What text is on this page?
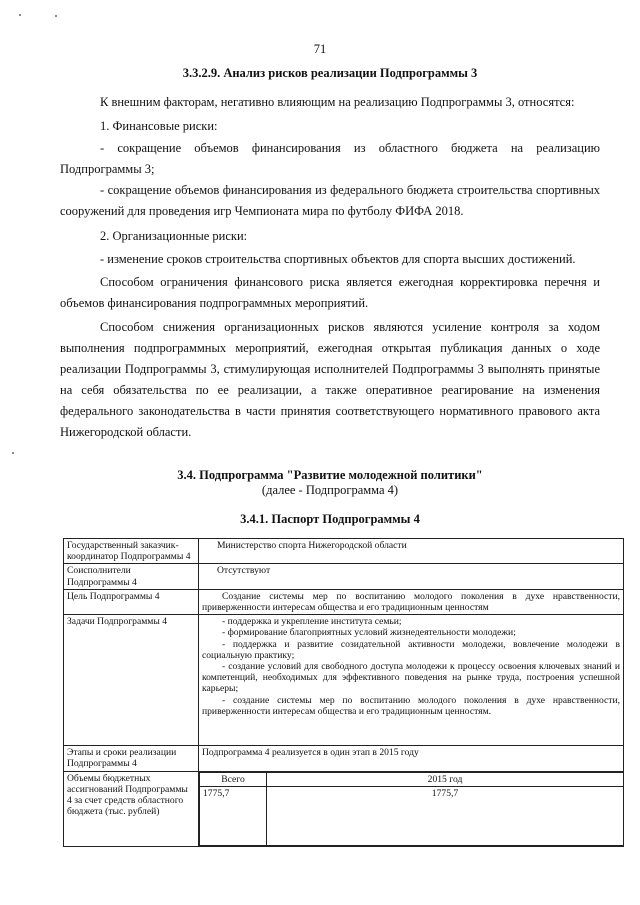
71
3.3.2.9. Анализ рисков реализации Подпрограммы 3
К внешним факторам, негативно влияющим на реализацию Подпрограммы 3, относятся:
1. Финансовые риски:
- сокращение объемов финансирования из областного бюджета на реализацию Подпрограммы 3;
- сокращение объемов финансирования из федерального бюджета строительства спортивных сооружений для проведения игр Чемпионата мира по футболу ФИФА 2018.
2. Организационные риски:
- изменение сроков строительства спортивных объектов для спорта высших достижений.
Способом ограничения финансового риска является ежегодная корректировка перечня и объемов финансирования подпрограммных мероприятий.
Способом снижения организационных рисков являются усиление контроля за ходом выполнения подпрограммных мероприятий, ежегодная открытая публикация данных о ходе реализации Подпрограммы 3, стимулирующая исполнителей Подпрограммы 3 выполнять принятые на себя обязательства по ее реализации, а также оперативное реагирование на изменения федерального законодательства в части принятия соответствующего нормативного правового акта Нижегородской области.
3.4. Подпрограмма "Развитие молодежной политики"
(далее - Подпрограмма 4)
3.4.1. Паспорт Подпрограммы 4
Государственный заказчик-координатор Подпрограммы 4	Министерство спорта Нижегородской области
Соисполнители Подпрограммы 4	Отсутствуют
Цель Подпрограммы 4	Создание системы мер по воспитанию молодого поколения в духе нравственности, приверженности интересам общества и его традиционным ценностям
Задачи Подпрограммы 4	- поддержка и укрепление института семьи;
- формирование благоприятных условий жизнедеятельности молодежи;
- поддержка и развитие созидательной активности молодежи, вовлечение молодежи в социальную практику;
- создание условий для свободного доступа молодежи к процессу освоения ключевых знаний и компетенций, необходимых для эффективного поведения на рынке труда, построения успешной карьеры;
- создание системы мер по воспитанию молодого поколения в духе нравственности, приверженности интересам общества и его традиционным ценностям.

Этапы и сроки реализации Подпрограммы 4	Подпрограмма 4 реализуется в один этап в 2015 году
Объемы бюджетных ассигнований Подпрограммы 4 за счет средств областного бюджета (тыс. рублей)	
Всего	2015 год
1775,7	1775,7
